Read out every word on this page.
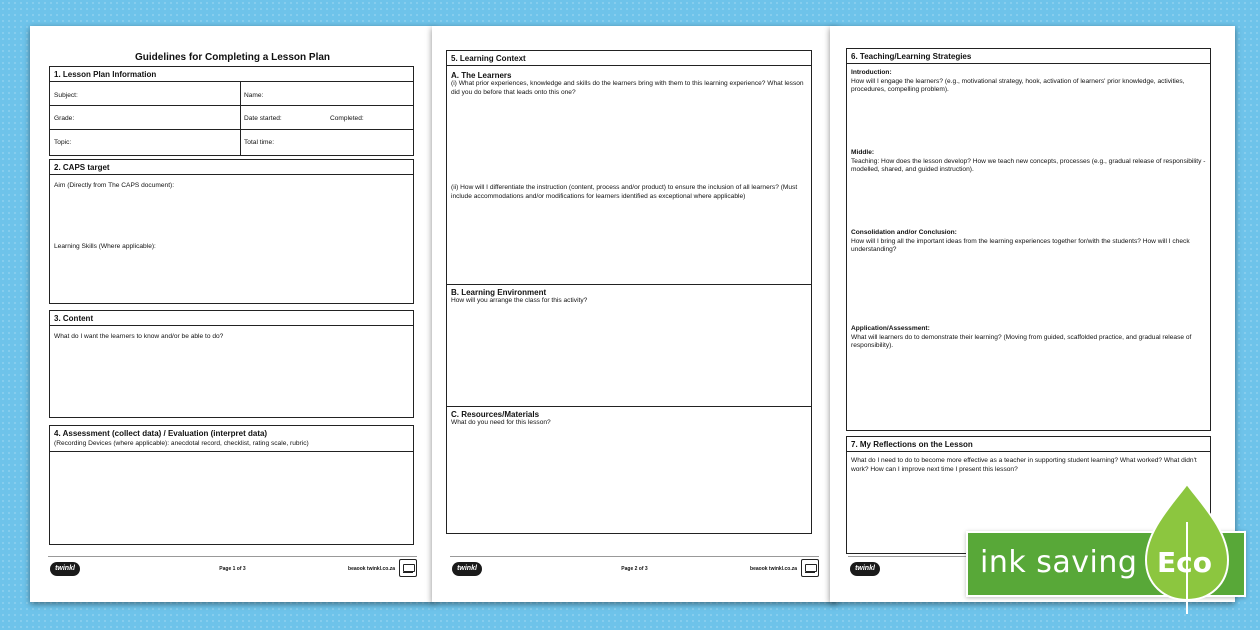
Guidelines for Completing a Lesson Plan
1. Lesson Plan Information
Subject:	Name:
Grade:	Date started:	Completed:
Topic:	Total time:
2. CAPS target
Aim (Directly from The CAPS document):
Learning Skills (Where applicable):
3. Content
What do I want the learners to know and/or be able to do?
4. Assessment (collect data) / Evaluation (interpret data)
(Recording Devices (where applicable): anecdotal record, checklist, rating scale, rubric)
twinkl	Page 1 of 3	beaook twinkl.co.za
5. Learning Context
A. The Learners
(i) What prior experiences, knowledge and skills do the learners bring with them to this learning experience? What lesson did you do before that leads onto this one?
(ii) How will I differentiate the instruction (content, process and/or product) to ensure the inclusion of all learners? (Must include accommodations and/or modifications for learners identified as exceptional where applicable)
B. Learning Environment
How will you arrange the class for this activity?
C. Resources/Materials
What do you need for this lesson?
twinkl	Page 2 of 3	beaook twinkl.co.za
6. Teaching/Learning Strategies
Introduction:
How will I engage the learners? (e.g., motivational strategy, hook, activation of learners' prior knowledge, activities, procedures, compelling problem).
Middle:
Teaching: How does the lesson develop? How we teach new concepts, processes (e.g., gradual release of responsibility - modelled, shared, and guided instruction).
Consolidation and/or Conclusion:
How will I bring all the important ideas from the learning experiences together for/with the students? How will I check understanding?
Application/Assessment:
What will learners do to demonstrate their learning? (Moving from guided, scaffolded practice, and gradual release of responsibility).
7. My Reflections on the Lesson
What do I need to do to become more effective as a teacher in supporting student learning? What worked? What didn't work? How can I improve next time I present this lesson?
twinkl	ink saving Eco
